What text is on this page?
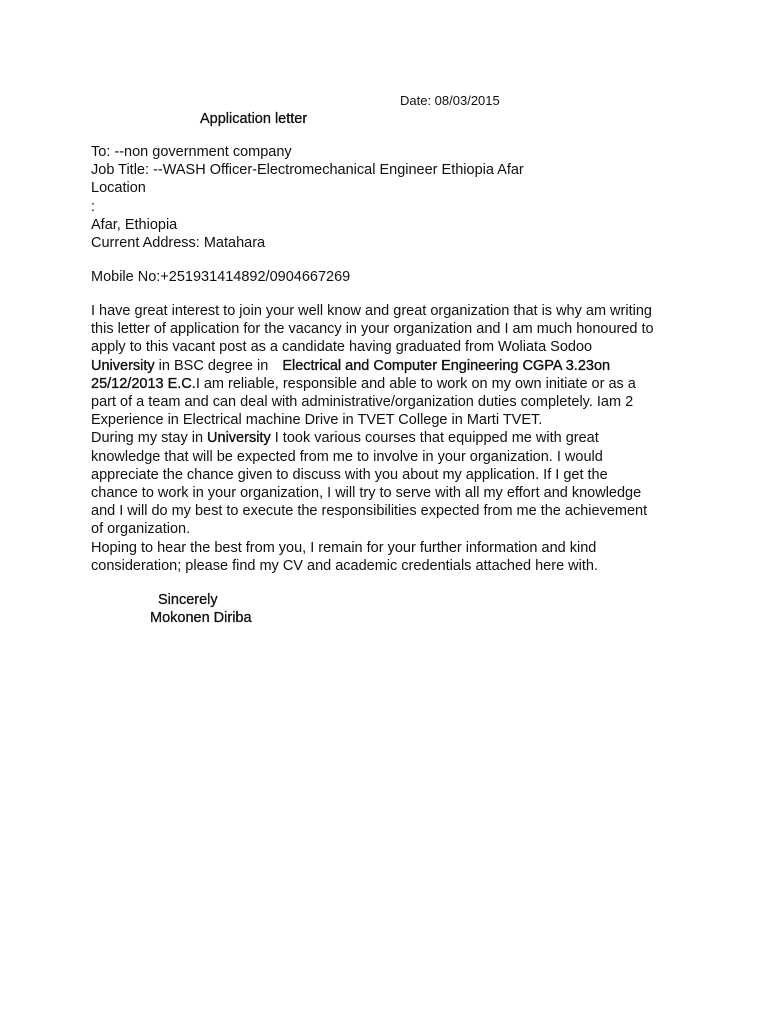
Date: 08/03/2015
Application letter
To: --non government company
Job Title: --WASH Officer-Electromechanical Engineer Ethiopia Afar
Location
:
Afar, Ethiopia
Current Address: Matahara
Mobile No:+251931414892/0904667269
I have great interest to join your well know and great organization that is why am writing
this letter of application for the vacancy in your organization and I am much honoured to
apply to this vacant post as a candidate having graduated from Woliata Sodoo
University in BSC degree in Electrical and Computer Engineering CGPA 3.23on
25/12/2013 E.C.I am reliable, responsible and able to work on my own initiate or as a
part of a team and can deal with administrative/organization duties completely. Iam 2
Experience in Electrical machine Drive in TVET College in Marti TVET.
During my stay in University I took various courses that equipped me with great
knowledge that will be expected from me to involve in your organization. I would
appreciate the chance given to discuss with you about my application. If I get the
chance to work in your organization, I will try to serve with all my effort and knowledge
and I will do my best to execute the responsibilities expected from me the achievement
of organization.
Hoping to hear the best from you, I remain for your further information and kind
consideration; please find my CV and academic credentials attached here with.
Sincerely
Mokonen Diriba
